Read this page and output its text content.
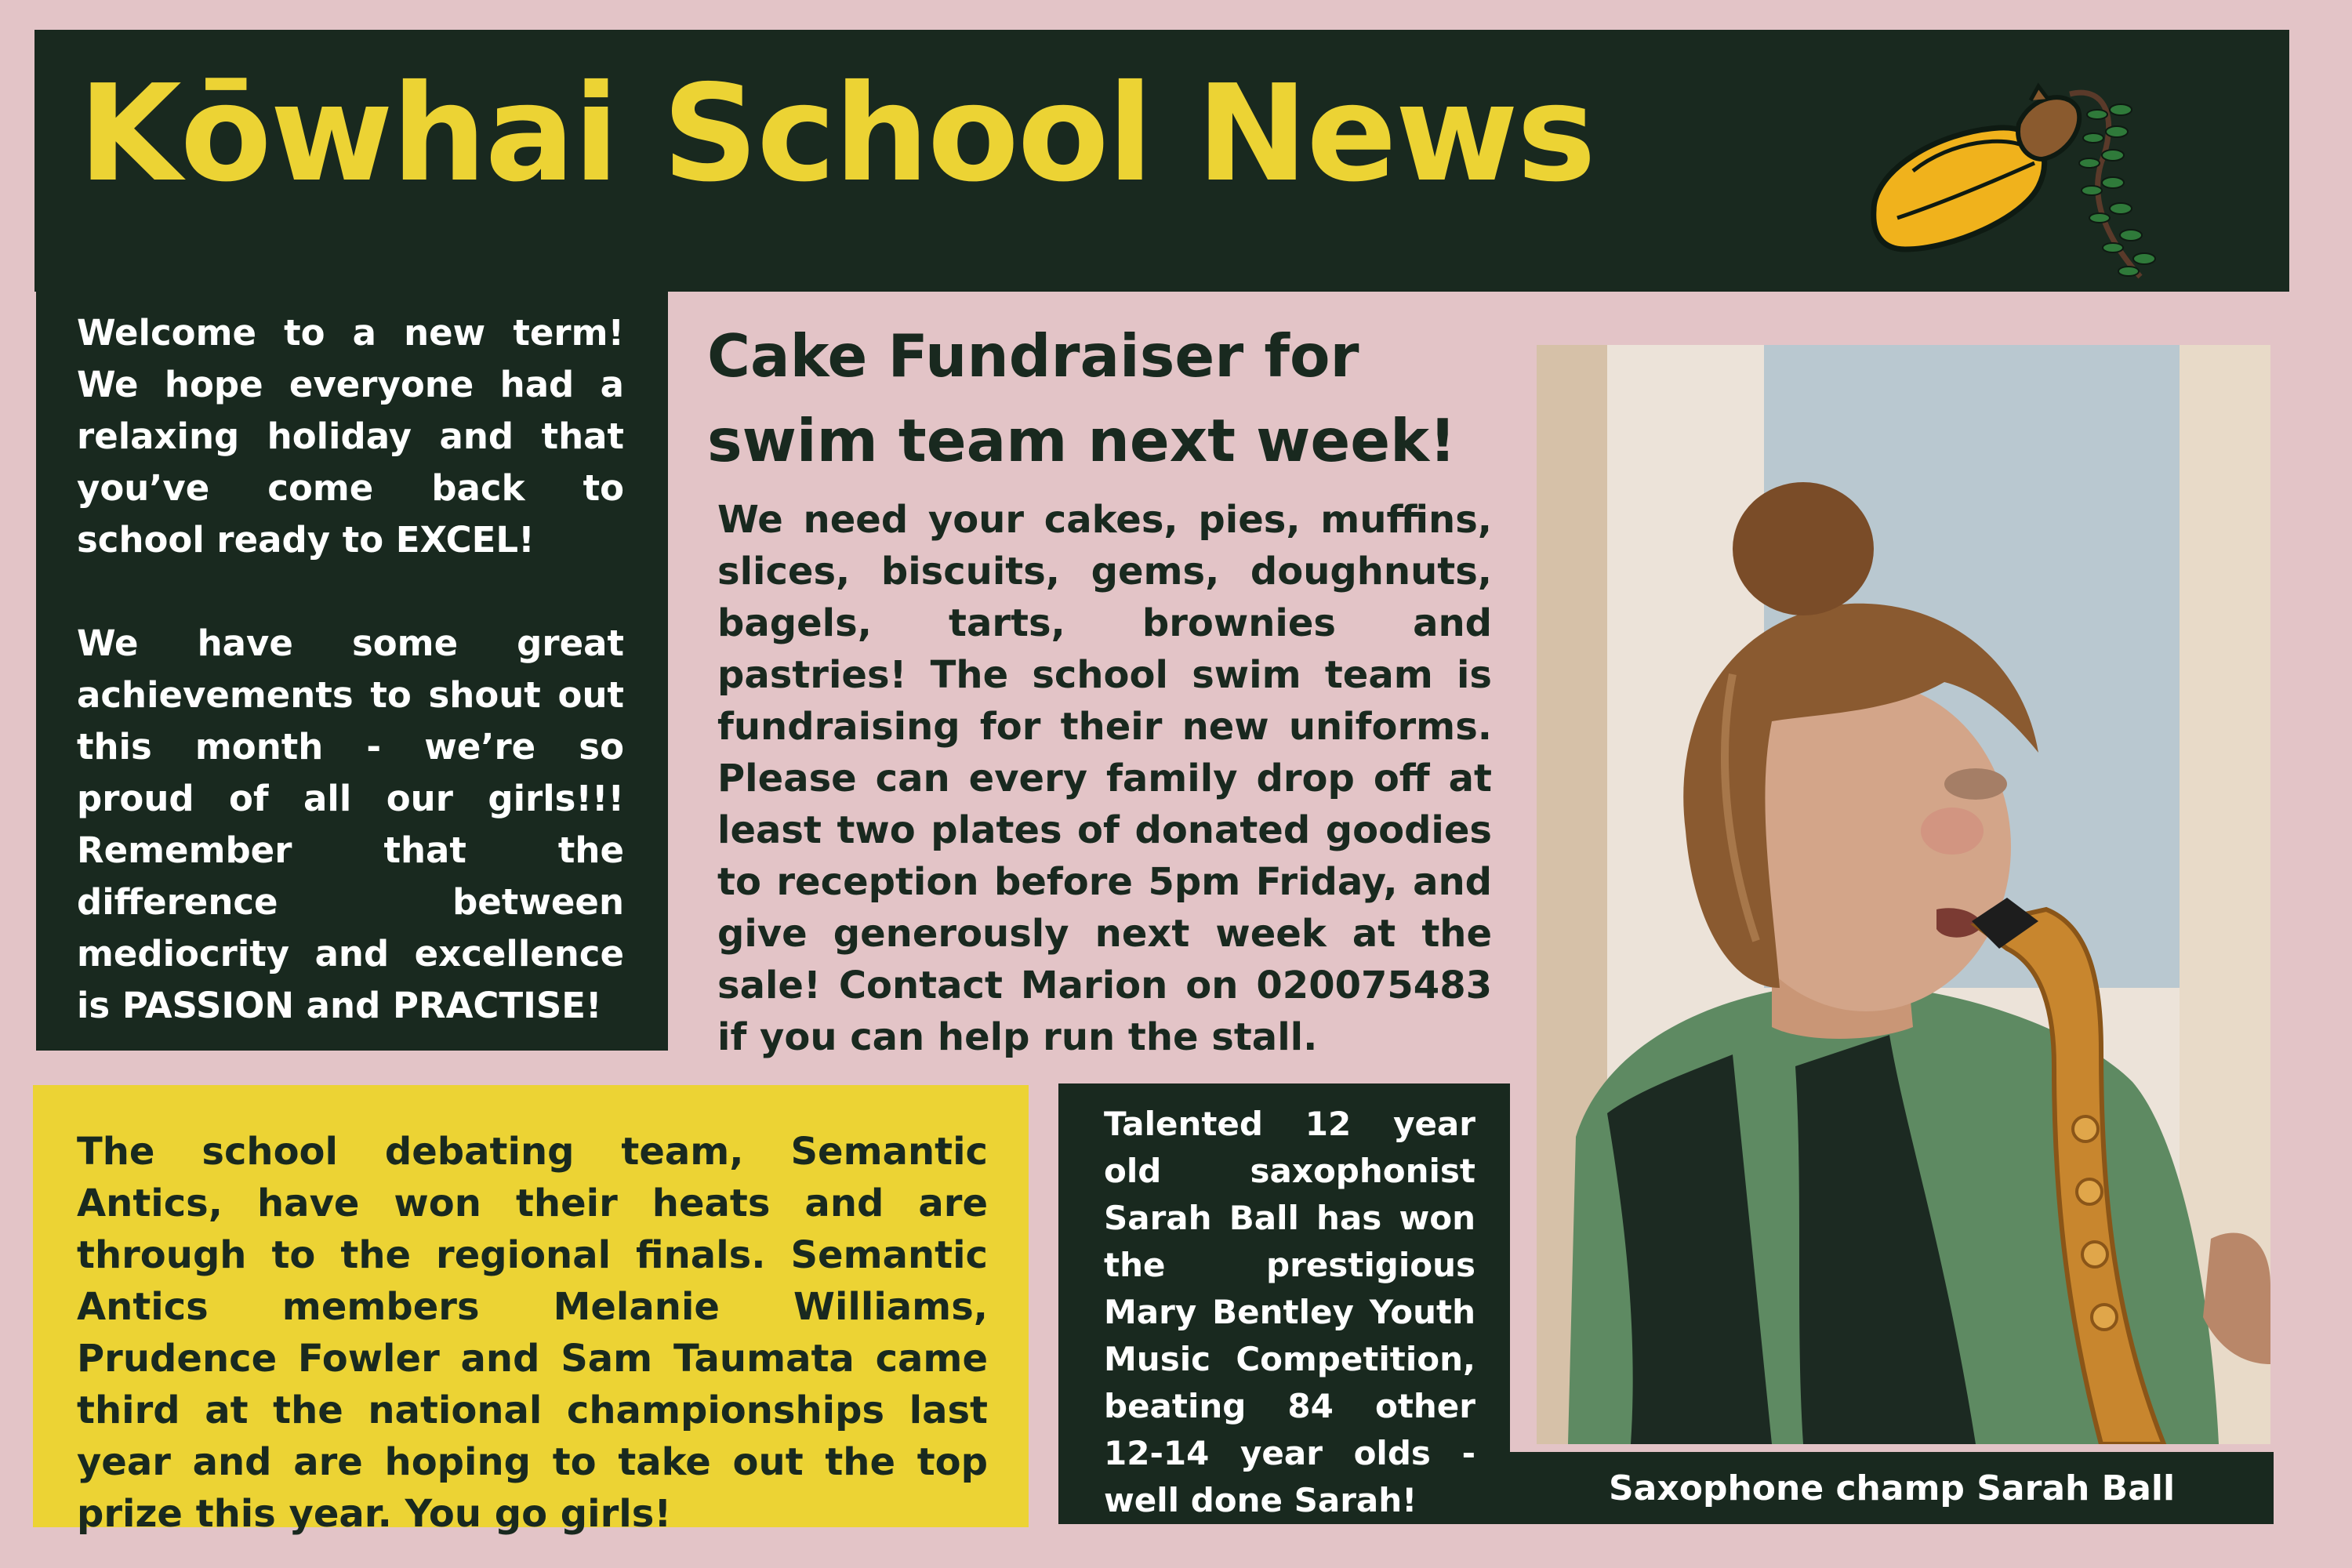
Kōwhai School News

Welcome to a new term! We hope everyone had a relaxing holiday and that you’ve come back to school ready to EXCEL!

We have some great achievements to shout out this month - we’re so proud of all our girls!!! Remember that the difference between mediocrity and excellence is PASSION and PRACTISE!

Cake Fundraiser for swim team next week!

We need your cakes, pies, muffins, slices, biscuits, gems, doughnuts, bagels, tarts, brownies and pastries! The school swim team is fundraising for their new uniforms. Please can every family drop off at least two plates of donated goodies to reception before 5pm Friday, and give generously next week at the sale! Contact Marion on 020075483 if you can help run the stall.

The school debating team, Semantic Antics, have won their heats and are through to the regional finals. Semantic Antics members Melanie Williams, Prudence Fowler and Sam Taumata came third at the national championships last year and are hoping to take out the top prize this year. You go girls!

Talented 12 year old saxophonist Sarah Ball has won the prestigious Mary Bentley Youth Music Competition, beating 84 other 12-14 year olds - well done Sarah!	Saxophone champ Sarah Ball
